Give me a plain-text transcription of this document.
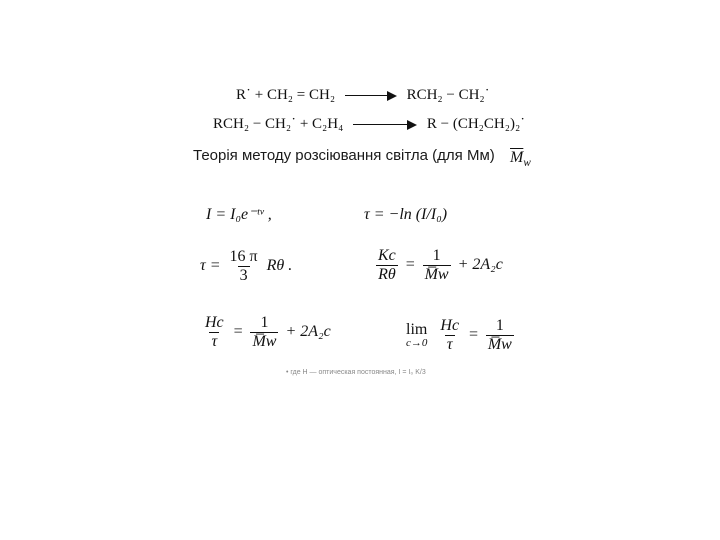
R˙ + CH₂ = CH₂	RCH₂ − CH₂˙
RCH₂ − CH₂˙ + C₂H₄	R − (CH₂CH₂)₂˙
Теорія методу розсіювання світла (для Мм) $\overline{M}_w$
I = I₀e⁻ᵗᵛ ,	τ = −ln (I/I₀)
$\tau = \frac{16 \pi}{3}$ Rθ .	$\frac{Kc}{R\theta} = \frac{1}{M̅w} + 2A_2c$
$\frac{Hc}{\tau} = \frac{1}{M̅w} + 2A_2c$	lim
c→0
$\frac{Hc}{\tau} = \frac{1}{M̅w}$
• где H — оптическая постоянная, I = I₀ K/3
